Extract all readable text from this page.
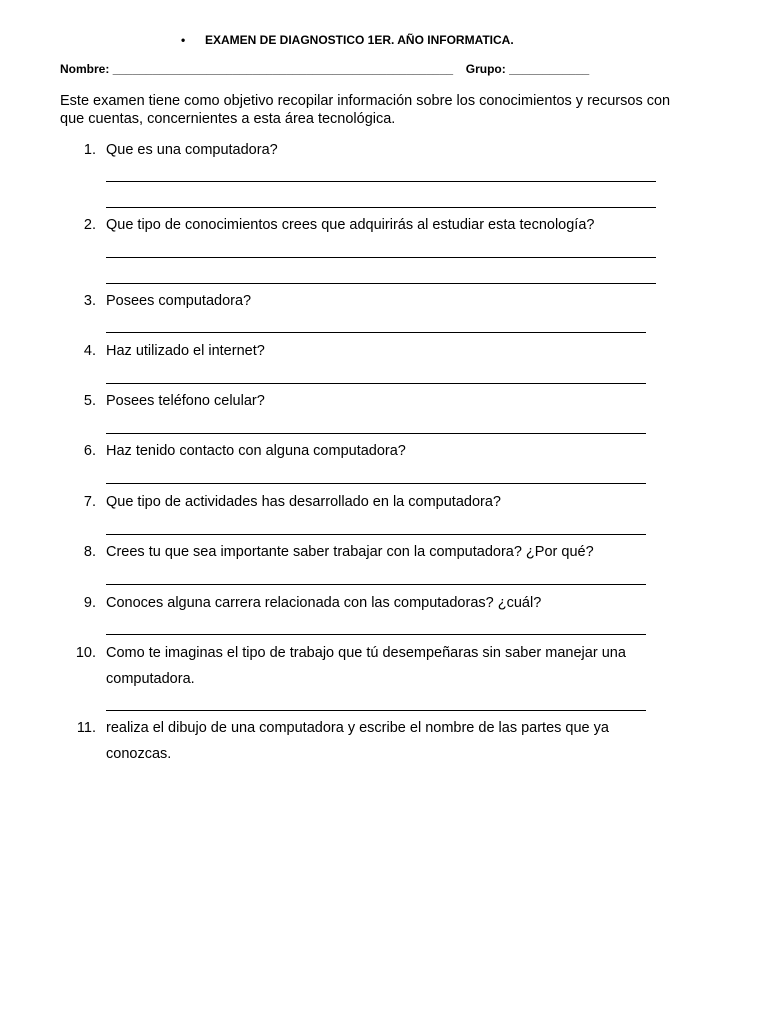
• EXAMEN DE DIAGNOSTICO 1ER. AÑO INFORMATICA.
Nombre: ___________________________________________________ Grupo: ____________
Este examen tiene como objetivo recopilar información sobre los conocimientos y recursos con que cuentas, concernientes a esta área tecnológica.
1. Que es una computadora?
2. Que tipo de conocimientos crees que adquirirás al estudiar esta tecnología?
3. Posees computadora?
4. Haz utilizado el internet?
5. Posees teléfono celular?
6. Haz tenido contacto con alguna computadora?
7. Que tipo de actividades has desarrollado en la computadora?
8. Crees tu que sea importante saber trabajar con la computadora? ¿Por qué?
9. Conoces alguna carrera relacionada con las computadoras? ¿cuál?
10. Como te imaginas el tipo de trabajo que tú desempeñaras sin saber manejar una computadora.
11. realiza el dibujo de una computadora y escribe el nombre de las partes que ya conozcas.
